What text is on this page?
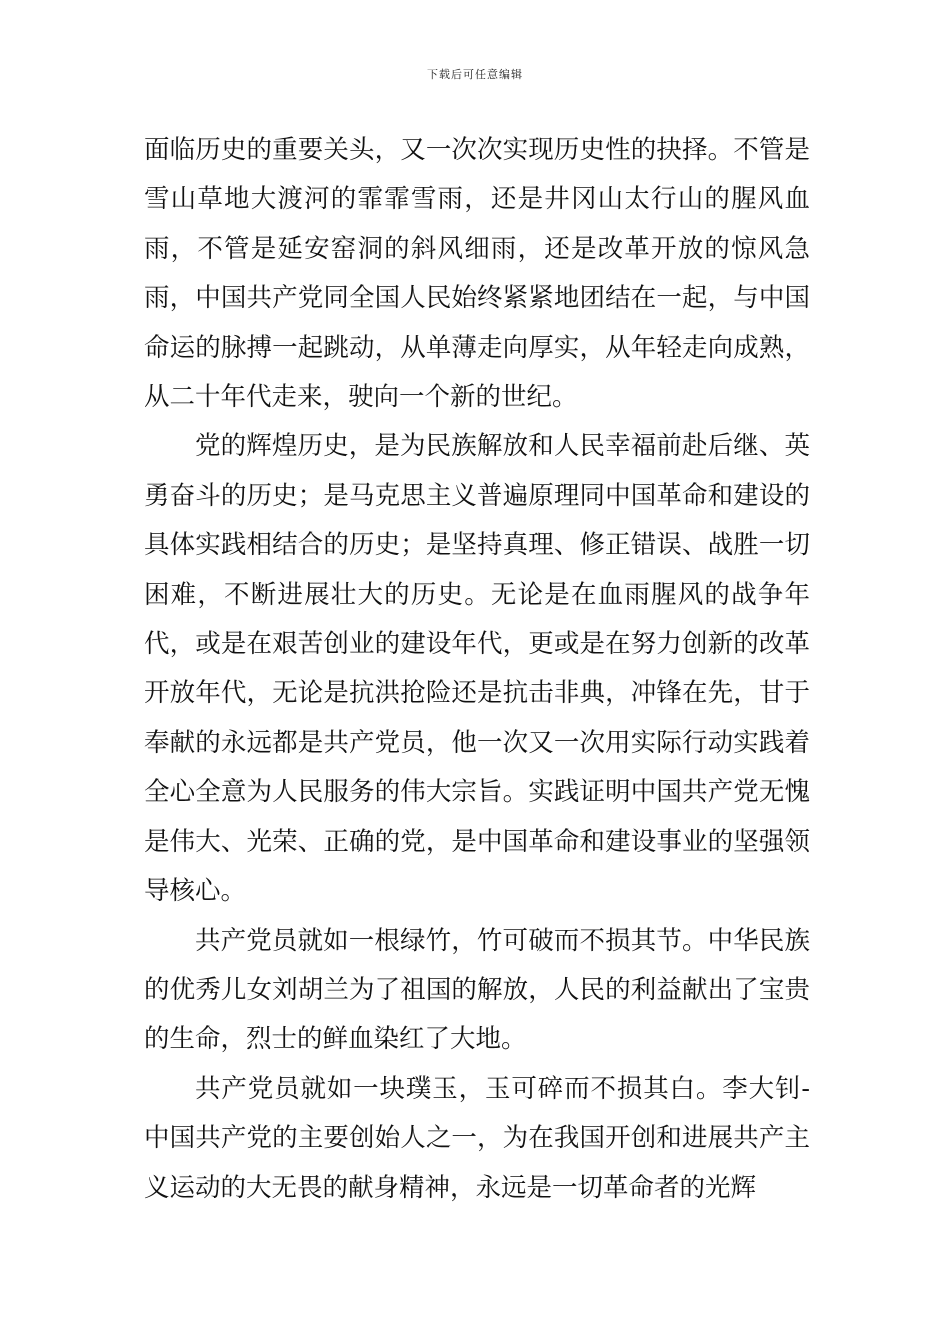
下载后可任意编辑

面临历史的重要关头，又一次次实现历史性的抉择。不管是雪山草地大渡河的霏霏雪雨，还是井冈山太行山的腥风血雨，不管是延安窑洞的斜风细雨，还是改革开放的惊风急雨，中国共产党同全国人民始终紧紧地团结在一起，与中国命运的脉搏一起跳动，从单薄走向厚实，从年轻走向成熟，从二十年代走来，驶向一个新的世纪。

党的辉煌历史，是为民族解放和人民幸福前赴后继、英勇奋斗的历史；是马克思主义普遍原理同中国革命和建设的具体实践相结合的历史；是坚持真理、修正错误、战胜一切困难，不断进展壮大的历史。无论是在血雨腥风的战争年代，或是在艰苦创业的建设年代，更或是在努力创新的改革开放年代，无论是抗洪抢险还是抗击非典，冲锋在先，甘于奉献的永远都是共产党员，他一次又一次用实际行动实践着全心全意为人民服务的伟大宗旨。实践证明中国共产党无愧是伟大、光荣、正确的党，是中国革命和建设事业的坚强领导核心。

共产党员就如一根绿竹，竹可破而不损其节。中华民族的优秀儿女刘胡兰为了祖国的解放，人民的利益献出了宝贵的生命，烈士的鲜血染红了大地。

共产党员就如一块璞玉，玉可碎而不损其白。李大钊-中国共产党的主要创始人之一，为在我国开创和进展共产主义运动的大无畏的献身精神，永远是一切革命者的光辉
